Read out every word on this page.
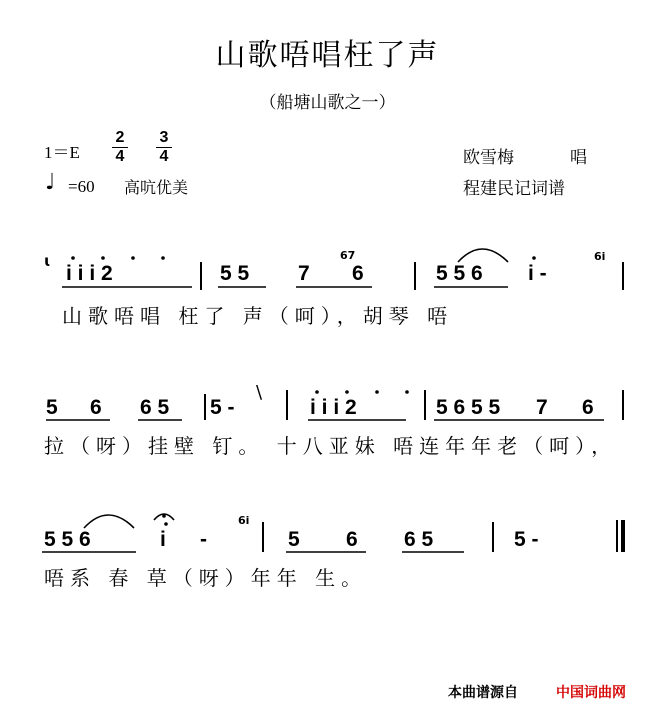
山歌唔唱枉了声
（船塘山歌之一）
$1=E \frac{2}{4} \frac{3}{4}$
♩ =60 高吭优美
欧雪梅	唱
程建民记词谱
ɩ
i i i 2	5 5 7 6
67
5 5 6 i -
6i
山歌唔唱 枉了 声（呵），胡琴 唔
5 6 6 5 5 -
\
i i i 2	5 6 5 5 7 6
拉（呀）挂壁 钉。 十八亚妹 唔连年年老（呵），
5 5 6	i -
6i
5 6 6 5	5 -
唔系 春 草（呀）年年 生。
本曲谱源自	中国词曲网
